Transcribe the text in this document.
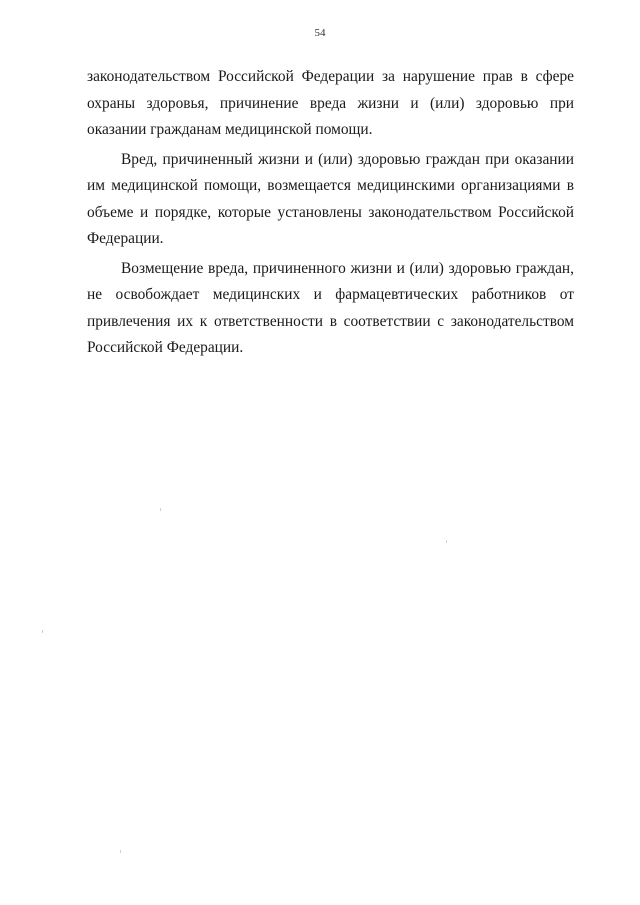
54

законодательством Российской Федерации за нарушение прав в сфере охраны здоровья, причинение вреда жизни и (или) здоровью при оказании гражданам медицинской помощи.

Вред, причиненный жизни и (или) здоровью граждан при оказании им медицинской помощи, возмещается медицинскими организациями в объеме и порядке, которые установлены законодательством Российской Федерации.

Возмещение вреда, причиненного жизни и (или) здоровью граждан, не освобождает медицинских и фармацевтических работников от привлечения их к ответственности в соответствии с законодательством Российской Федерации.
